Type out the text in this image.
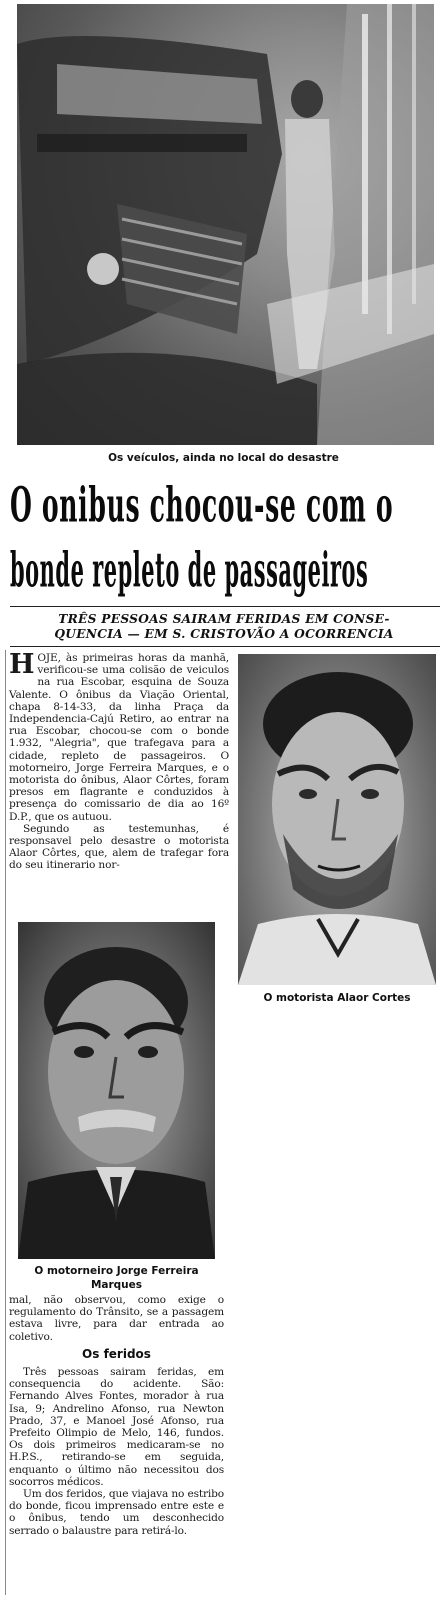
Os veículos, ainda no local do desastre
O onibus chocou-se com o
bonde repleto de passageiros
TRÊS PESSOAS SAIRAM FERIDAS EM CONSE-
QUENCIA — EM S. CRISTOVÃO A OCORRENCIA

HOJE, às primeiras horas da manhã, verificou-se uma colisão de veiculos na rua Escobar, esquina de Souza Valente. O ônibus da Viação Oriental, chapa 8-14-33, da linha Praça da Independencia-Cajú Retiro, ao entrar na rua Escobar, chocou-se com o bonde 1.932, "Alegria", que trafegava para a cidade, repleto de passageiros. O motorneiro, Jorge Ferreira Marques, e o motorista do ônibus, Alaor Côrtes, foram presos em flagrante e conduzidos à presença do comissario de dia ao 16º D.P., que os autuou.

Segundo as testemunhas, é responsavel pelo desastre o motorista Alaor Côrtes, que, alem de trafegar fora do seu itinerario nor-

O motorista Alaor Cortes
O motorneiro Jorge Ferreira
Marques

mal, não observou, como exige o regulamento do Trânsito, se a passagem estava livre, para dar entrada ao coletivo.

Os feridos

Três pessoas sairam feridas, em consequencia do acidente. São: Fernando Alves Fontes, morador à rua Isa, 9; Andrelino Afonso, rua Newton Prado, 37, e Manoel José Afonso, rua Prefeito Olimpio de Melo, 146, fundos. Os dois primeiros medicaram-se no H.P.S., retirando-se em seguida, enquanto o último não necessitou dos socorros médicos.

Um dos feridos, que viajava no estribo do bonde, ficou imprensado entre este e o ônibus, tendo um desconhecido serrado o balaustre para retirá-lo.
